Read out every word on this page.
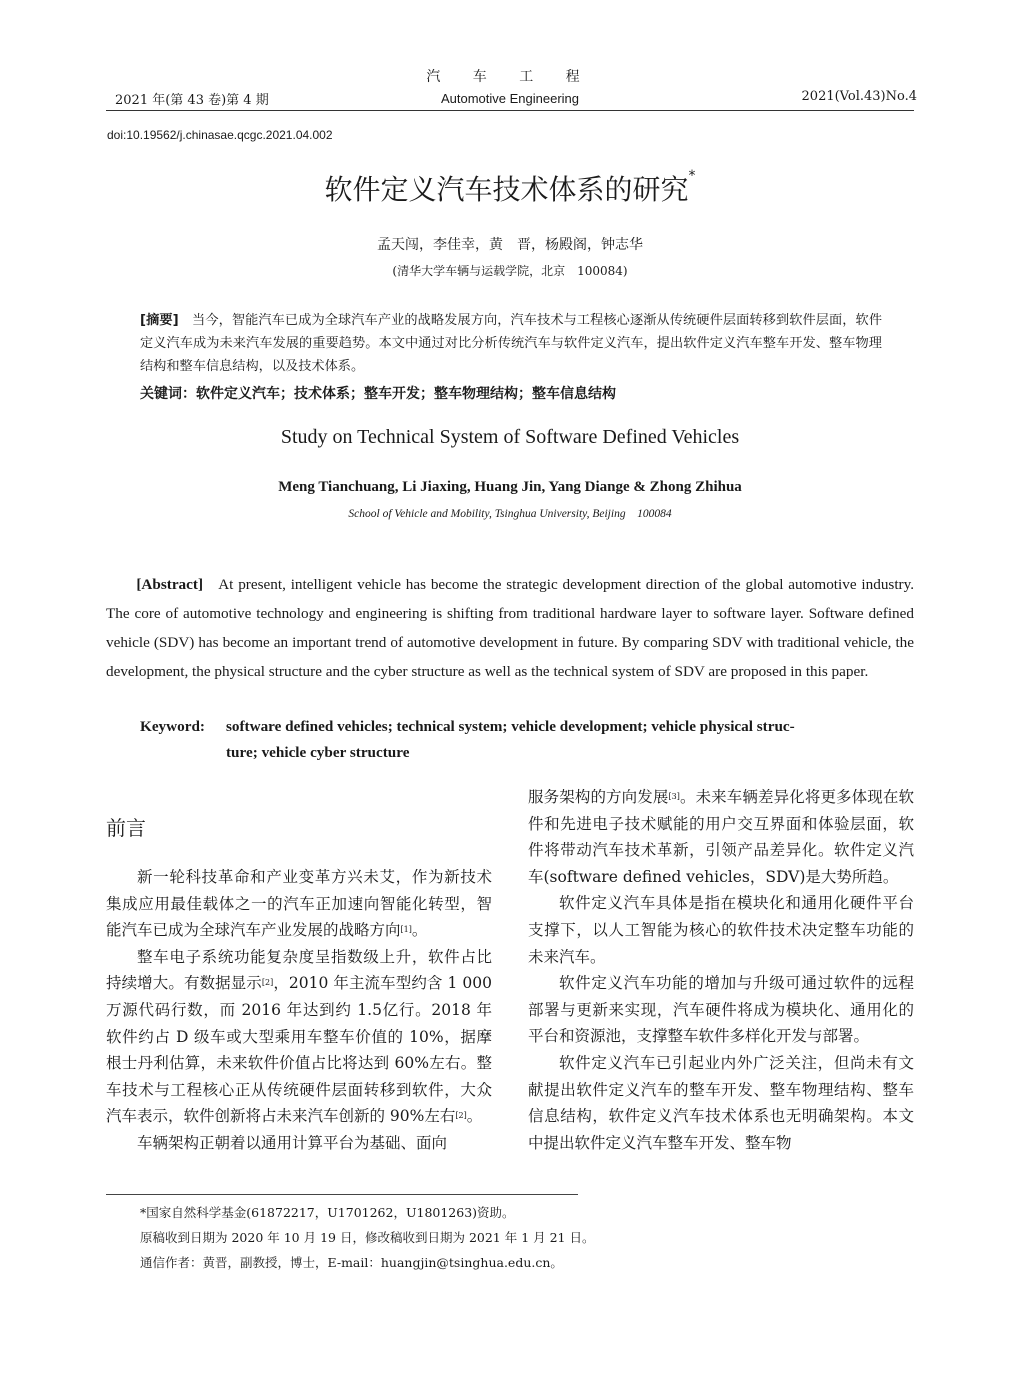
汽 车 工 程
Automotive Engineering
2021 年(第 43 卷)第 4 期	2021(Vol.43)No.4
doi:10.19562/j.chinasae.qcgc.2021.04.002
软件定义汽车技术体系的研究*
孟天闯，李佳幸，黄　晋，杨殿阁，钟志华
(清华大学车辆与运载学院，北京　100084)
[摘要]　 当今，智能汽车已成为全球汽车产业的战略发展方向，汽车技术与工程核心逐渐从传统硬件层面转移到软件层面，软件定义汽车成为未来汽车发展的重要趋势。本文中通过对比分析传统汽车与软件定义汽车，提出软件定义汽车整车开发、整车物理结构和整车信息结构，以及技术体系。
关键词：软件定义汽车；技术体系；整车开发；整车物理结构；整车信息结构
Study on Technical System of Software Defined Vehicles
Meng Tianchuang, Li Jiaxing, Huang Jin, Yang Diange & Zhong Zhihua
School of Vehicle and Mobility, Tsinghua University, Beijing　100084
  [Abstract]  At present, intelligent vehicle has become the strategic development direction of the global automotive industry. The core of automotive technology and engineering is shifting from traditional hardware layer to software layer. Software defined vehicle (SDV) has become an important trend of automotive development in future. By comparing SDV with traditional vehicle, the development, the physical structure and the cyber structure as well as the technical system of SDV are proposed in this paper.
Keyword: software defined vehicles; technical system; vehicle development; vehicle physical struc-
ture; vehicle cyber structure
前言

新一轮科技革命和产业变革方兴未艾，作为新技术集成应用最佳载体之一的汽车正加速向智能化转型，智能汽车已成为全球汽车产业发展的战略方向[1]。

整车电子系统功能复杂度呈指数级上升，软件占比持续增大。有数据显示[2]，2010 年主流车型约含 1 000万源代码行数，而 2016 年达到约 1.5亿行。2018 年软件约占 D 级车或大型乘用车整车价值的 10%，据摩根士丹利估算，未来软件价值占比将达到 60%左右。整车技术与工程核心正从传统硬件层面转移到软件，大众汽车表示，软件创新将占未来汽车创新的 90%左右[2]。

车辆架构正朝着以通用计算平台为基础、面向

服务架构的方向发展[3]。未来车辆差异化将更多体现在软件和先进电子技术赋能的用户交互界面和体验层面，软件将带动汽车技术革新，引领产品差异化。软件定义汽车(software defined vehicles，SDV)是大势所趋。

软件定义汽车具体是指在模块化和通用化硬件平台支撑下，以人工智能为核心的软件技术决定整车功能的未来汽车。

软件定义汽车功能的增加与升级可通过软件的远程部署与更新来实现，汽车硬件将成为模块化、通用化的平台和资源池，支撑整车软件多样化开发与部署。

软件定义汽车已引起业内外广泛关注，但尚未有文献提出软件定义汽车的整车开发、整车物理结构、整车信息结构，软件定义汽车技术体系也无明确架构。本文中提出软件定义汽车整车开发、整车物

*国家自然科学基金(61872217，U1701262，U1801263)资助。
原稿收到日期为 2020 年 10 月 19 日，修改稿收到日期为 2021 年 1 月 21 日。
通信作者：黄晋，副教授，博士，E-mail：huangjin@tsinghua.edu.cn。
